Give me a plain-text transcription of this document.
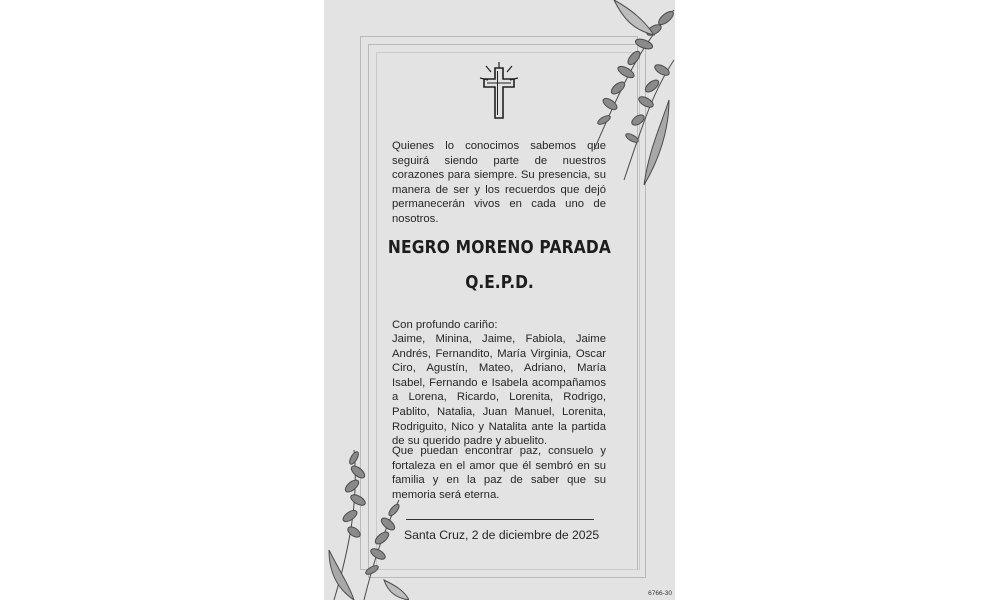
Quienes lo conocimos sabemos que seguirá siendo parte de nuestros corazones para siempre. Su presencia, su manera de ser y los recuerdos que dejó permanecerán vivos en cada uno de nosotros.
NEGRO MORENO PARADA
Q.E.P.D.
Con profundo cariño:
Jaime, Minina, Jaime, Fabiola, Jaime Andrés, Fernandito, María Virginia, Oscar Ciro, Agustín, Mateo, Adriano, María Isabel, Fernando e Isabela acompañamos a Lorena, Ricardo, Lorenita, Rodrigo, Pablito, Natalia, Juan Manuel, Lorenita, Rodriguito, Nico y Natalita ante la partida de su querido padre y abuelito.
Que puedan encontrar paz, consuelo y fortaleza en el amor que él sembró en su familia y en la paz de saber que su memoria será eterna.
Santa Cruz, 2 de diciembre de 2025
6766-30
